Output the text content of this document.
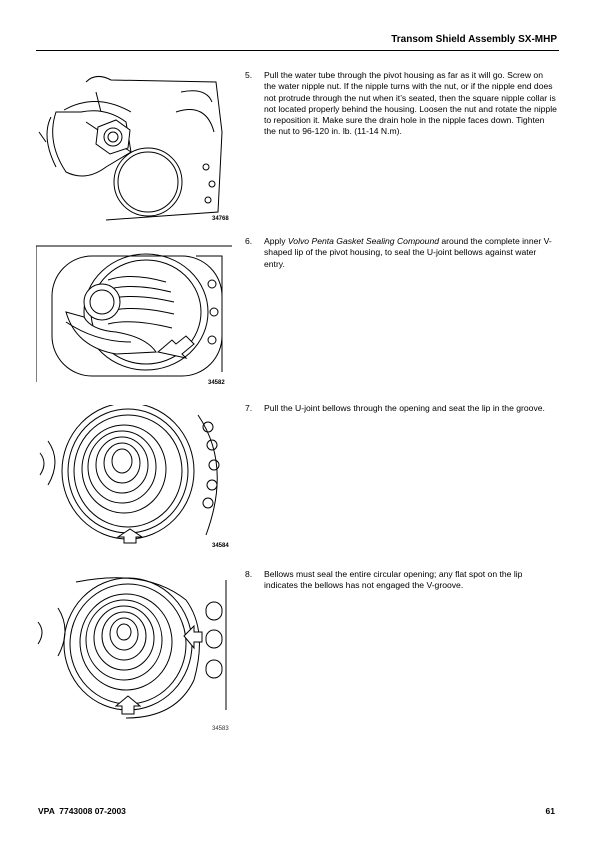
Transom Shield Assembly SX-MHP
34768
34582
34584
34583
5. Pull the water tube through the pivot housing as far as it will go. Screw on the water nipple nut. If the nipple turns with the nut, or if the nipple end does not protrude through the nut when it’s seated, then the square nipple collar is not located properly behind the housing. Loosen the nut and rotate the nipple to reposition it. Make sure the drain hole in the nipple faces down. Tighten the nut to 96-120 in. lb. (11-14 N.m).
6. Apply Volvo Penta Gasket Sealing Compound around the complete inner V-shaped lip of the pivot housing, to seal the U-joint bellows against water entry.
7. Pull the U-joint bellows through the opening and seat the lip in the groove.
8. Bellows must seal the entire circular opening; any flat spot on the lip indicates the bellows has not engaged the V-groove.
VPA  7743008 07-2003	61
